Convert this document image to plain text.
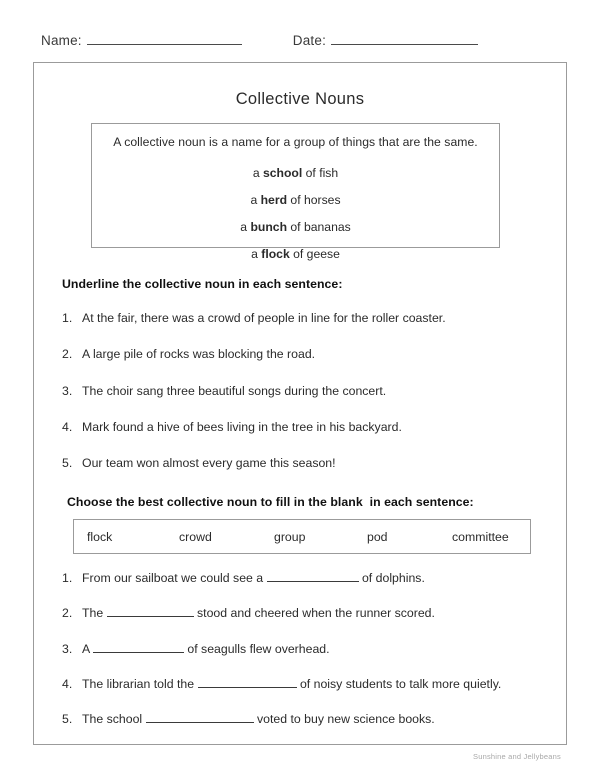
Name:	Date:
Collective Nouns
A collective noun is a name for a group of things that are the same.
a school of fish
a herd of horses
a bunch of bananas
a flock of geese
Underline the collective noun in each sentence:
1. At the fair, there was a crowd of people in line for the roller coaster.
2. A large pile of rocks was blocking the road.
3. The choir sang three beautiful songs during the concert.
4. Mark found a hive of bees living in the tree in his backyard.
5. Our team won almost every game this season!
Choose the best collective noun to fill in the blank  in each sentence:
flock	crowd	group	pod	committee
1. From our sailboat we could see a	of dolphins.
2. The	stood and cheered when the runner scored.
3. A	of seagulls flew overhead.
4. The librarian told the	of noisy students to talk more quietly.
5. The school	voted to buy new science books.
Sunshine and Jellybeans
